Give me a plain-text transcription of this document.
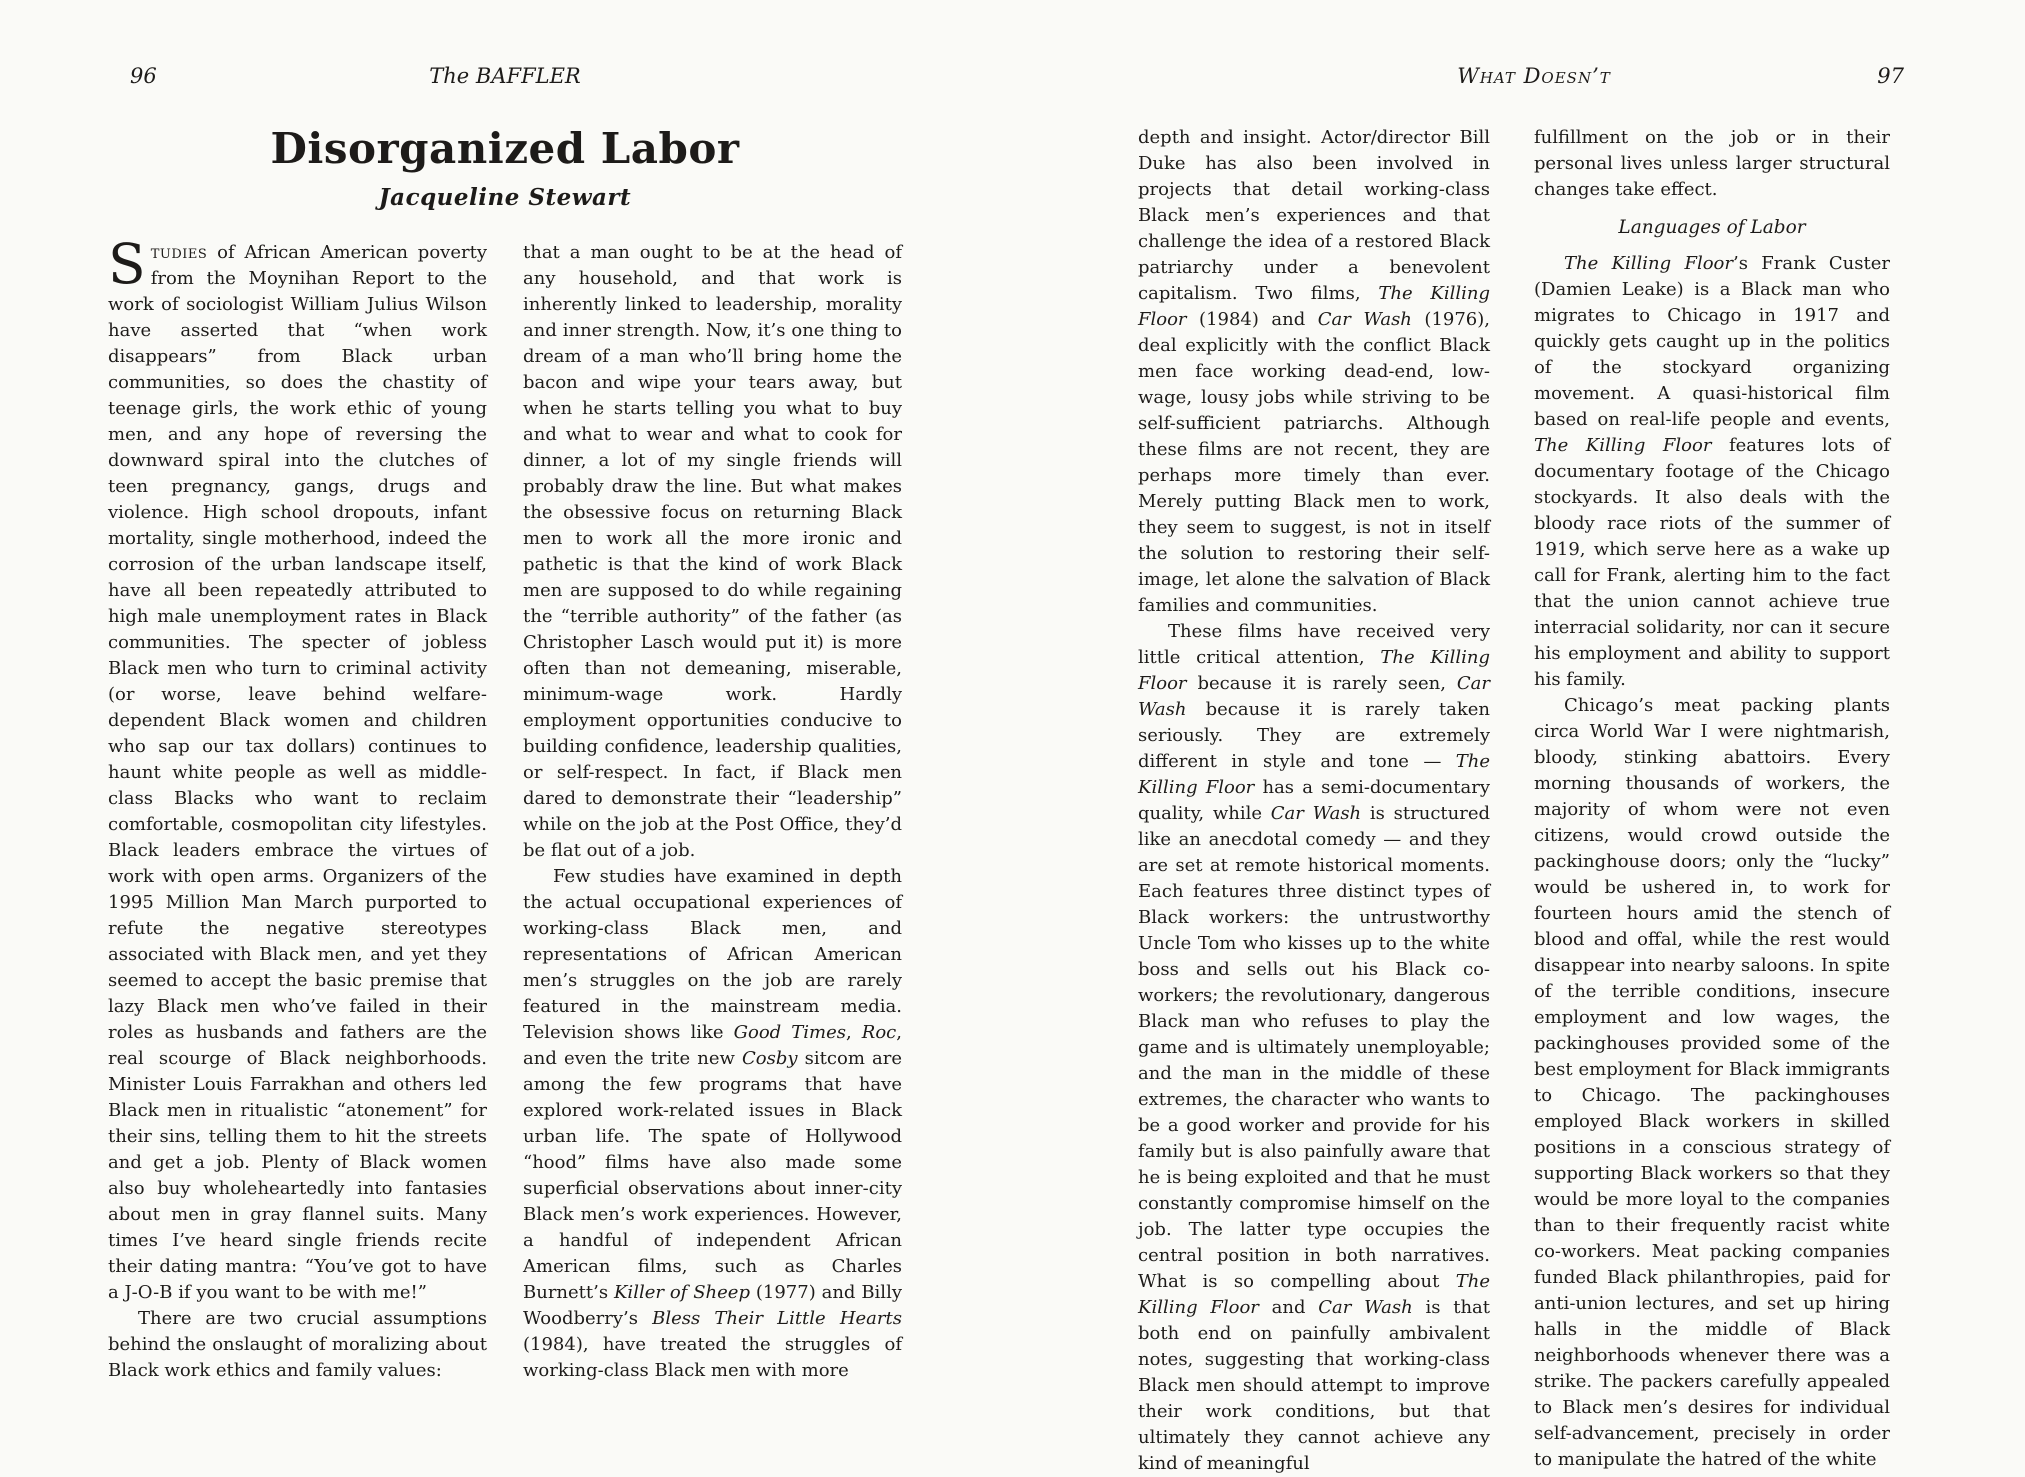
96	The BAFFLER
Disorganized Labor
Jacqueline Stewart

Studies of African American poverty from the Moynihan Report to the work of sociologist William Julius Wilson have asserted that “when work disappears” from Black urban communities, so does the chastity of teenage girls, the work ethic of young men, and any hope of reversing the downward spiral into the clutches of teen pregnancy, gangs, drugs and violence. High school dropouts, infant mortality, single motherhood, indeed the corrosion of the urban landscape itself, have all been repeatedly attributed to high male unemployment rates in Black communities. The specter of jobless Black men who turn to criminal activity (or worse, leave behind welfare-dependent Black women and children who sap our tax dollars) continues to haunt white people as well as middle-class Blacks who want to reclaim comfortable, cosmopolitan city lifestyles. Black leaders embrace the virtues of work with open arms. Organizers of the 1995 Million Man March purported to refute the negative stereotypes associated with Black men, and yet they seemed to accept the basic premise that lazy Black men who’ve failed in their roles as husbands and fathers are the real scourge of Black neighborhoods. Minister Louis Farrakhan and others led Black men in ritualistic “atonement” for their sins, telling them to hit the streets and get a job. Plenty of Black women also buy wholeheartedly into fantasies about men in gray flannel suits. Many times I’ve heard single friends recite their dating mantra: “You’ve got to have a J-O-B if you want to be with me!”

There are two crucial assumptions behind the onslaught of moralizing about Black work ethics and family values:

that a man ought to be at the head of any household, and that work is inherently linked to leadership, morality and inner strength. Now, it’s one thing to dream of a man who’ll bring home the bacon and wipe your tears away, but when he starts telling you what to buy and what to wear and what to cook for dinner, a lot of my single friends will probably draw the line. But what makes the obsessive focus on returning Black men to work all the more ironic and pathetic is that the kind of work Black men are supposed to do while regaining the “terrible authority” of the father (as Christopher Lasch would put it) is more often than not demeaning, miserable, minimum-wage work. Hardly employment opportunities conducive to building confidence, leadership qualities, or self-respect. In fact, if Black men dared to demonstrate their “leadership” while on the job at the Post Office, they’d be flat out of a job.

Few studies have examined in depth the actual occupational experiences of working-class Black men, and representations of African American men’s struggles on the job are rarely featured in the mainstream media. Television shows like Good Times, Roc, and even the trite new Cosby sitcom are among the few programs that have explored work-related issues in Black urban life. The spate of Hollywood “hood” films have also made some superficial observations about inner-city Black men’s work experiences. However, a handful of independent African American films, such as Charles Burnett’s Killer of Sheep (1977) and Billy Woodberry’s Bless Their Little Hearts (1984), have treated the struggles of working-class Black men with more

What Doesn’t	97

depth and insight. Actor/director Bill Duke has also been involved in projects that detail working-class Black men’s experiences and that challenge the idea of a restored Black patriarchy under a benevolent capitalism. Two films, The Killing Floor (1984) and Car Wash (1976), deal explicitly with the conflict Black men face working dead-end, low-wage, lousy jobs while striving to be self-sufficient patriarchs. Although these films are not recent, they are perhaps more timely than ever. Merely putting Black men to work, they seem to suggest, is not in itself the solution to restoring their self-image, let alone the salvation of Black families and communities.

These films have received very little critical attention, The Killing Floor because it is rarely seen, Car Wash because it is rarely taken seriously. They are extremely different in style and tone — The Killing Floor has a semi-documentary quality, while Car Wash is structured like an anecdotal comedy — and they are set at remote historical moments. Each features three distinct types of Black workers: the untrustworthy Uncle Tom who kisses up to the white boss and sells out his Black co-workers; the revolutionary, dangerous Black man who refuses to play the game and is ultimately unemployable; and the man in the middle of these extremes, the character who wants to be a good worker and provide for his family but is also painfully aware that he is being exploited and that he must constantly compromise himself on the job. The latter type occupies the central position in both narratives. What is so compelling about The Killing Floor and Car Wash is that both end on painfully ambivalent notes, suggesting that working-class Black men should attempt to improve their work conditions, but that ultimately they cannot achieve any kind of meaningful

fulfillment on the job or in their personal lives unless larger structural changes take effect.

Languages of Labor

The Killing Floor’s Frank Custer (Damien Leake) is a Black man who migrates to Chicago in 1917 and quickly gets caught up in the politics of the stockyard organizing movement. A quasi-historical film based on real-life people and events, The Killing Floor features lots of documentary footage of the Chicago stockyards. It also deals with the bloody race riots of the summer of 1919, which serve here as a wake up call for Frank, alerting him to the fact that the union cannot achieve true interracial solidarity, nor can it secure his employment and ability to support his family.

Chicago’s meat packing plants circa World War I were nightmarish, bloody, stinking abattoirs. Every morning thousands of workers, the majority of whom were not even citizens, would crowd outside the packinghouse doors; only the “lucky” would be ushered in, to work for fourteen hours amid the stench of blood and offal, while the rest would disappear into nearby saloons. In spite of the terrible conditions, insecure employment and low wages, the packinghouses provided some of the best employment for Black immigrants to Chicago. The packinghouses employed Black workers in skilled positions in a conscious strategy of supporting Black workers so that they would be more loyal to the companies than to their frequently racist white co-workers. Meat packing companies funded Black philanthropies, paid for anti-union lectures, and set up hiring halls in the middle of Black neighborhoods whenever there was a strike. The packers carefully appealed to Black men’s desires for individual self-advancement, precisely in order to manipulate the hatred of the white
